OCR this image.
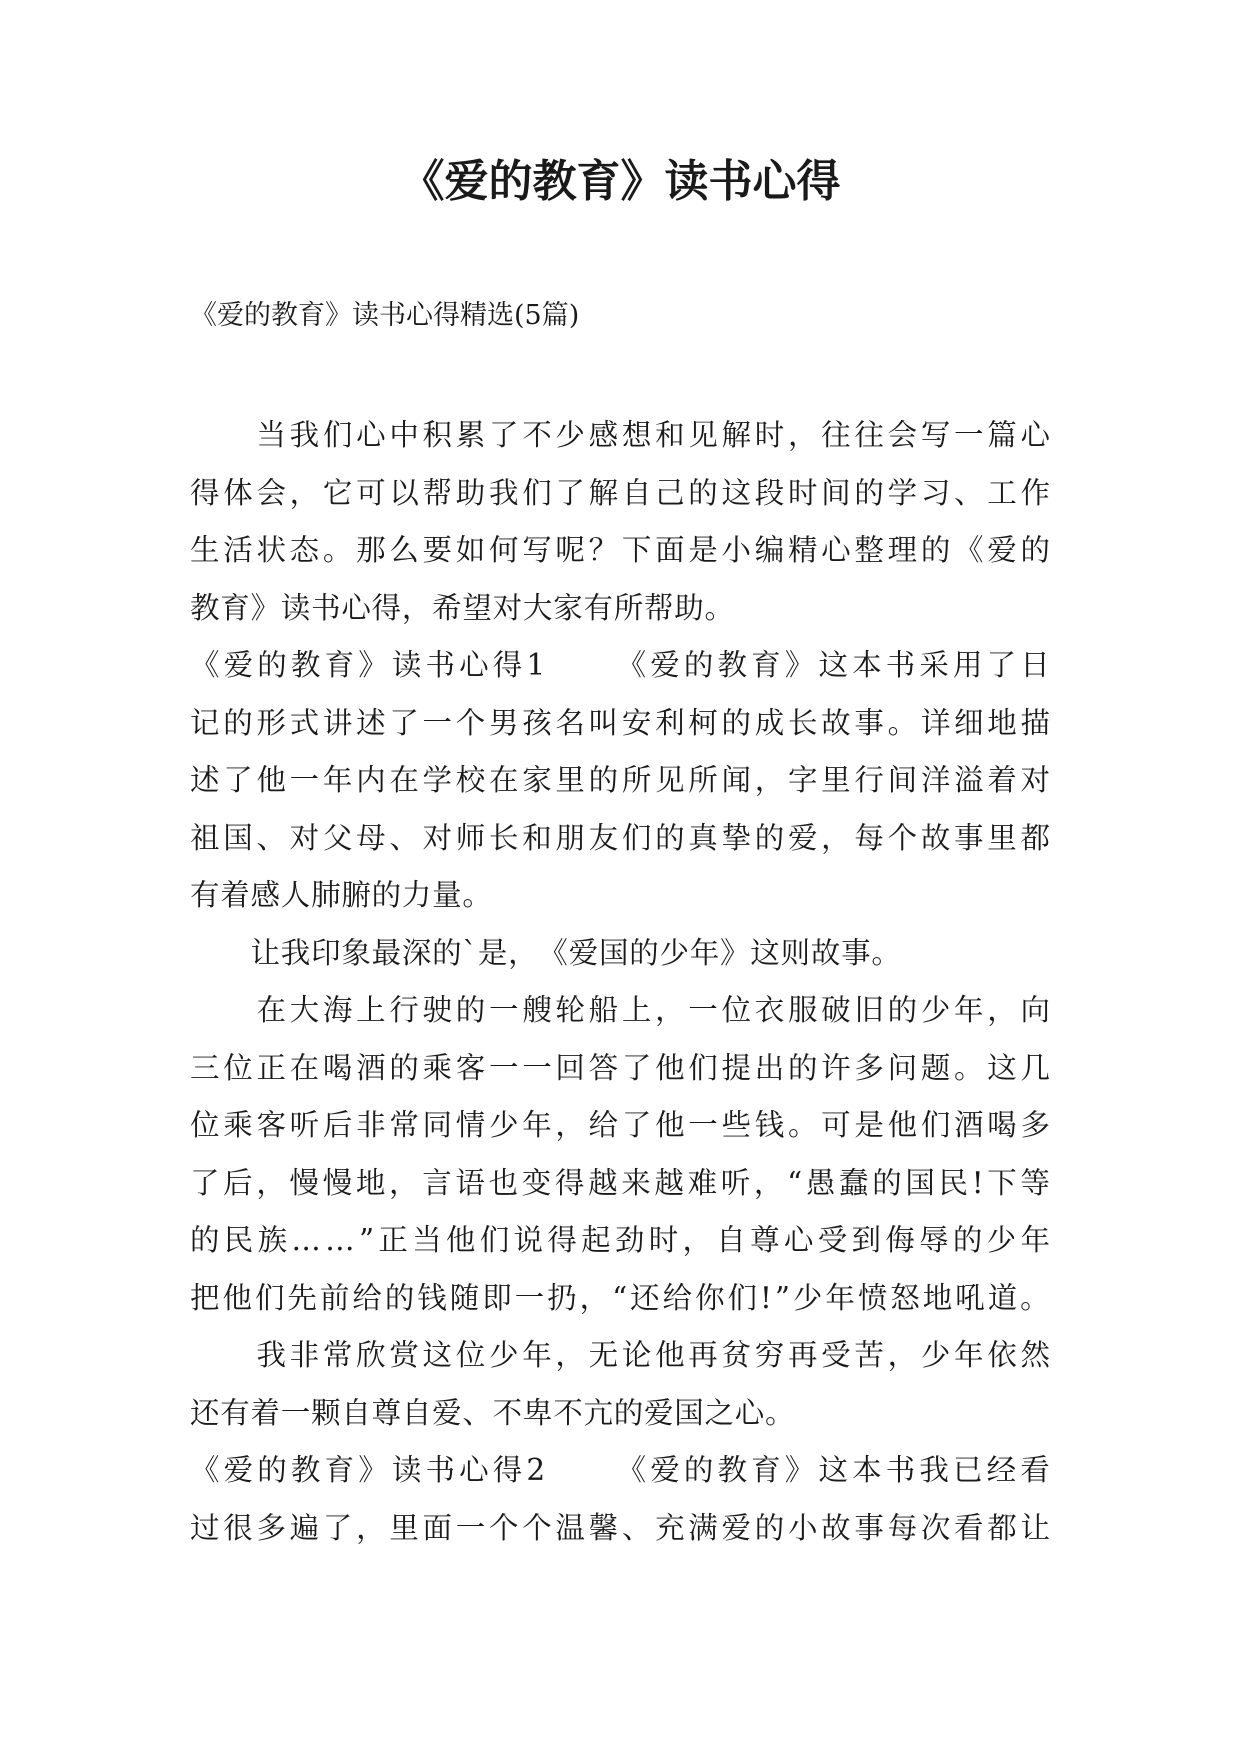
《爱的教育》读书心得

《爱的教育》读书心得精选(5篇)

当 我 们 心 中 积 累 了 不 少 感 想 和 见 解 时 ， 往 往 会 写 一 篇 心
得 体 会 ， 它 可 以 帮 助 我 们 了 解 自 己 的 这 段 时 间 的 学 习 、 工 作
生 活 状 态 。 那 么 要 如 何 写 呢 ？ 下 面 是 小 编 精 心 整 理 的 《 爱 的
教 育 》 读 书 心 得 ， 希 望 对 大 家 有 所 帮 助 。
《 爱 的 教 育 》 读 书 心 得 1

　 《 爱 的 教 育 》 这 本 书 采 用 了 日
记 的 形 式 讲 述 了 一 个 男 孩 名 叫 安 利 柯 的 成 长 故 事 。 详 细 地 描
述 了 他 一 年 内 在 学 校 在 家 里 的 所 见 所 闻 ， 字 里 行 间 洋 溢 着 对
祖 国 、 对 父 母 、 对 师 长 和 朋 友 们 的 真 挚 的 爱 ， 每 个 故 事 里 都
有 着 感 人 肺 腑 的 力 量 。

让 我 印 象 最 深 的 ` 是 ， 《 爱 国 的 少 年 》 这 则 故 事 。

在 大 海 上 行 驶 的 一 艘 轮 船 上 ， 一 位 衣 服 破 旧 的 少 年 ， 向
三 位 正 在 喝 酒 的 乘 客 一 一 回 答 了 他 们 提 出 的 许 多 问 题 。 这 几
位 乘 客 听 后 非 常 同 情 少 年 ， 给 了 他 一 些 钱 。 可 是 他 们 酒 喝 多
了 后 ， 慢 慢 地 ， 言 语 也 变 得 越 来 越 难 听 ， “ 愚 蠢 的 国 民 ! 下 等
的 民 族 … … ” 正 当 他 们 说 得 起 劲 时 ， 自 尊 心 受 到 侮 辱 的 少 年
把 他 们 先 前 给 的 钱 随 即 一 扔 ， “ 还 给 你 们 ! ” 少 年 愤 怒 地 吼 道 。

我 非 常 欣 赏 这 位 少 年 ， 无 论 他 再 贫 穷 再 受 苦 ， 少 年 依 然
还 有 着 一 颗 自 尊 自 爱 、 不 卑 不 亢 的 爱 国 之 心 。
《 爱 的 教 育 》 读 书 心 得 2

　 《 爱 的 教 育 》 这 本 书 我 已 经 看
过 很 多 遍 了 ， 里 面 一 个 个 温 馨 、 充 满 爱 的 小 故 事 每 次 看 都 让
